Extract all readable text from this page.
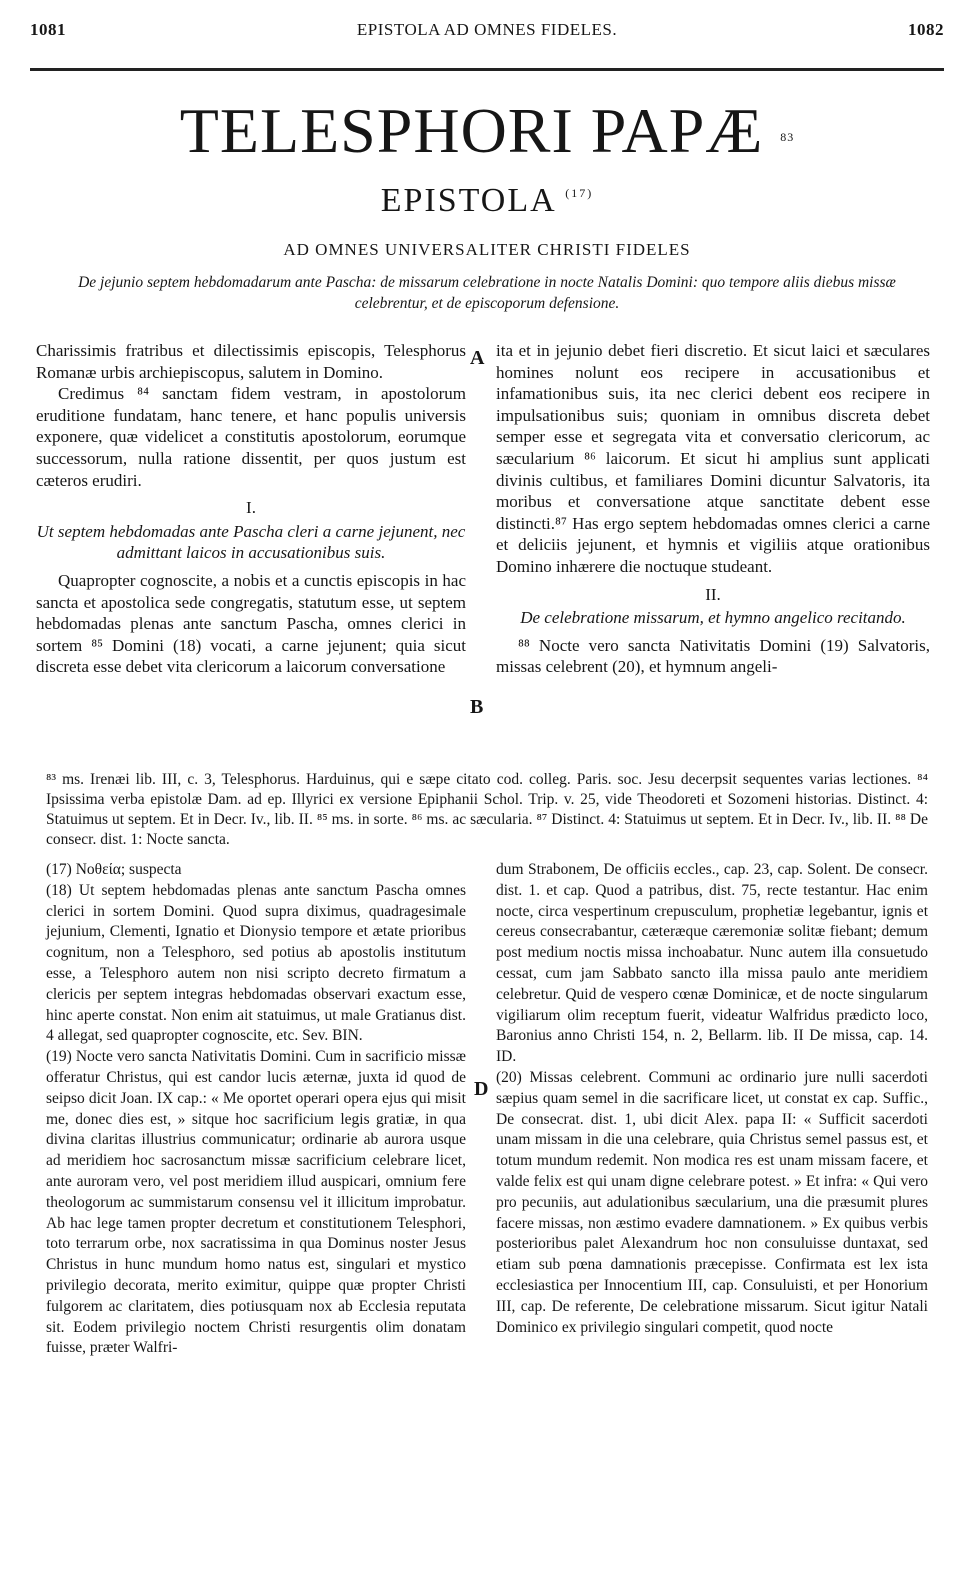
1081	EPISTOLA AD OMNES FIDELES.	1082
TELESPHORI PAPÆ $^{83}$
EPISTOLA $^{(17)}$
AD OMNES UNIVERSALITER CHRISTI FIDELES
De jejunio septem hebdomadarum ante Pascha: de missarum celebratione in nocte Natalis Domini: quo tempore aliis diebus missæ celebrentur, et de episcoporum defensione.
A
B
D

Charissimis fratribus et dilectissimis episcopis, Telesphorus Romanæ urbis archiepiscopus, salutem in Domino.

Credimus ⁸⁴ sanctam fidem vestram, in apostolorum eruditione fundatam, hanc tenere, et hanc populis universis exponere, quæ videlicet a constitutis apostolorum, eorumque successorum, nulla ratione dissentit, per quos justum est cæteros erudiri.

I.

Ut septem hebdomadas ante Pascha cleri a carne jejunent, nec admittant laicos in accusationibus suis.

Quapropter cognoscite, a nobis et a cunctis episcopis in hac sancta et apostolica sede congregatis, statutum esse, ut septem hebdomadas plenas ante sanctum Pascha, omnes clerici in sortem ⁸⁵ Domini (18) vocati, a carne jejunent; quia sicut discreta esse debet vita clericorum a laicorum conversatione

ita et in jejunio debet fieri discretio. Et sicut laici et sæculares homines nolunt eos recipere in accusationibus et infamationibus suis, ita nec clerici debent eos recipere in impulsationibus suis; quoniam in omnibus discreta debet semper esse et segregata vita et conversatio clericorum, ac sæcularium ⁸⁶ laicorum. Et sicut hi amplius sunt applicati divinis cultibus, et familiares Domini dicuntur Salvatoris, ita moribus et conversatione atque sanctitate debent esse distincti.⁸⁷ Has ergo septem hebdomadas omnes clerici a carne et deliciis jejunent, et hymnis et vigiliis atque orationibus Domino inhærere die noctuque studeant.

II.

De celebratione missarum, et hymno angelico recitando.

⁸⁸ Nocte vero sancta Nativitatis Domini (19) Salvatoris, missas celebrent (20), et hymnum angeli-

⁸³ ms. Irenæi lib. III, c. 3, Telesphorus. Harduinus, qui e sæpe citato cod. colleg. Paris. soc. Jesu decerpsit sequentes varias lectiones. ⁸⁴ Ipsissima verba epistolæ Dam. ad ep. Illyrici ex versione Epiphanii Schol. Trip. v. 25, vide Theodoreti et Sozomeni historias. Distinct. 4: Statuimus ut septem. Et in Decr. Iv., lib. II. ⁸⁵ ms. in sorte. ⁸⁶ ms. ac sæcularia. ⁸⁷ Distinct. 4: Statuimus ut septem. Et in Decr. Iv., lib. II. ⁸⁸ De consecr. dist. 1: Nocte sancta.

(17) Νοθεία; suspecta

(18) Ut septem hebdomadas plenas ante sanctum Pascha omnes clerici in sortem Domini. Quod supra diximus, quadragesimale jejunium, Clementi, Ignatio et Dionysio tempore et ætate prioribus cognitum, non a Telesphoro, sed potius ab apostolis institutum esse, a Telesphoro autem non nisi scripto decreto firmatum a clericis per septem integras hebdomadas observari exactum esse, hinc aperte constat. Non enim ait statuimus, ut male Gratianus dist. 4 allegat, sed quapropter cognoscite, etc. Sev. BIN.

(19) Nocte vero sancta Nativitatis Domini. Cum in sacrificio missæ offeratur Christus, qui est candor lucis æternæ, juxta id quod de seipso dicit Joan. IX cap.: « Me oportet operari opera ejus qui misit me, donec dies est, » sitque hoc sacrificium legis gratiæ, in qua divina claritas illustrius communicatur; ordinarie ab aurora usque ad meridiem hoc sacrosanctum missæ sacrificium celebrare licet, ante auroram vero, vel post meridiem illud auspicari, omnium fere theologorum ac summistarum consensu vel it illicitum improbatur. Ab hac lege tamen propter decretum et constitutionem Telesphori, toto terrarum orbe, nox sacratissima in qua Dominus noster Jesus Christus in hunc mundum homo natus est, singulari et mystico privilegio decorata, merito eximitur, quippe quæ propter Christi fulgorem ac claritatem, dies potiusquam nox ab Ecclesia reputata sit. Eodem privilegio noctem Christi resurgentis olim donatam fuisse, præter Walfri-

dum Strabonem, De officiis eccles., cap. 23, cap. Solent. De consecr. dist. 1. et cap. Quod a patribus, dist. 75, recte testantur. Hac enim nocte, circa vespertinum crepusculum, prophetiæ legebantur, ignis et cereus consecrabantur, cæteræque cæremoniæ solitæ fiebant; demum post medium noctis missa inchoabatur. Nunc autem illa consuetudo cessat, cum jam Sabbato sancto illa missa paulo ante meridiem celebretur. Quid de vespero cœnæ Dominicæ, et de nocte singularum vigiliarum olim receptum fuerit, videatur Walfridus prædicto loco, Baronius anno Christi 154, n. 2, Bellarm. lib. II De missa, cap. 14. ID.

(20) Missas celebrent. Communi ac ordinario jure nulli sacerdoti sæpius quam semel in die sacrificare licet, ut constat ex cap. Suffic., De consecrat. dist. 1, ubi dicit Alex. papa II: « Sufficit sacerdoti unam missam in die una celebrare, quia Christus semel passus est, et totum mundum redemit. Non modica res est unam missam facere, et valde felix est qui unam digne celebrare potest. » Et infra: « Qui vero pro pecuniis, aut adulationibus sæcularium, una die præsumit plures facere missas, non æstimo evadere damnationem. » Ex quibus verbis posterioribus palet Alexandrum hoc non consuluisse duntaxat, sed etiam sub pœna damnationis præcepisse. Confirmata est lex ista ecclesiastica per Innocentium III, cap. Consuluisti, et per Honorium III, cap. De referente, De celebratione missarum. Sicut igitur Natali Dominico ex privilegio singulari competit, quod nocte
